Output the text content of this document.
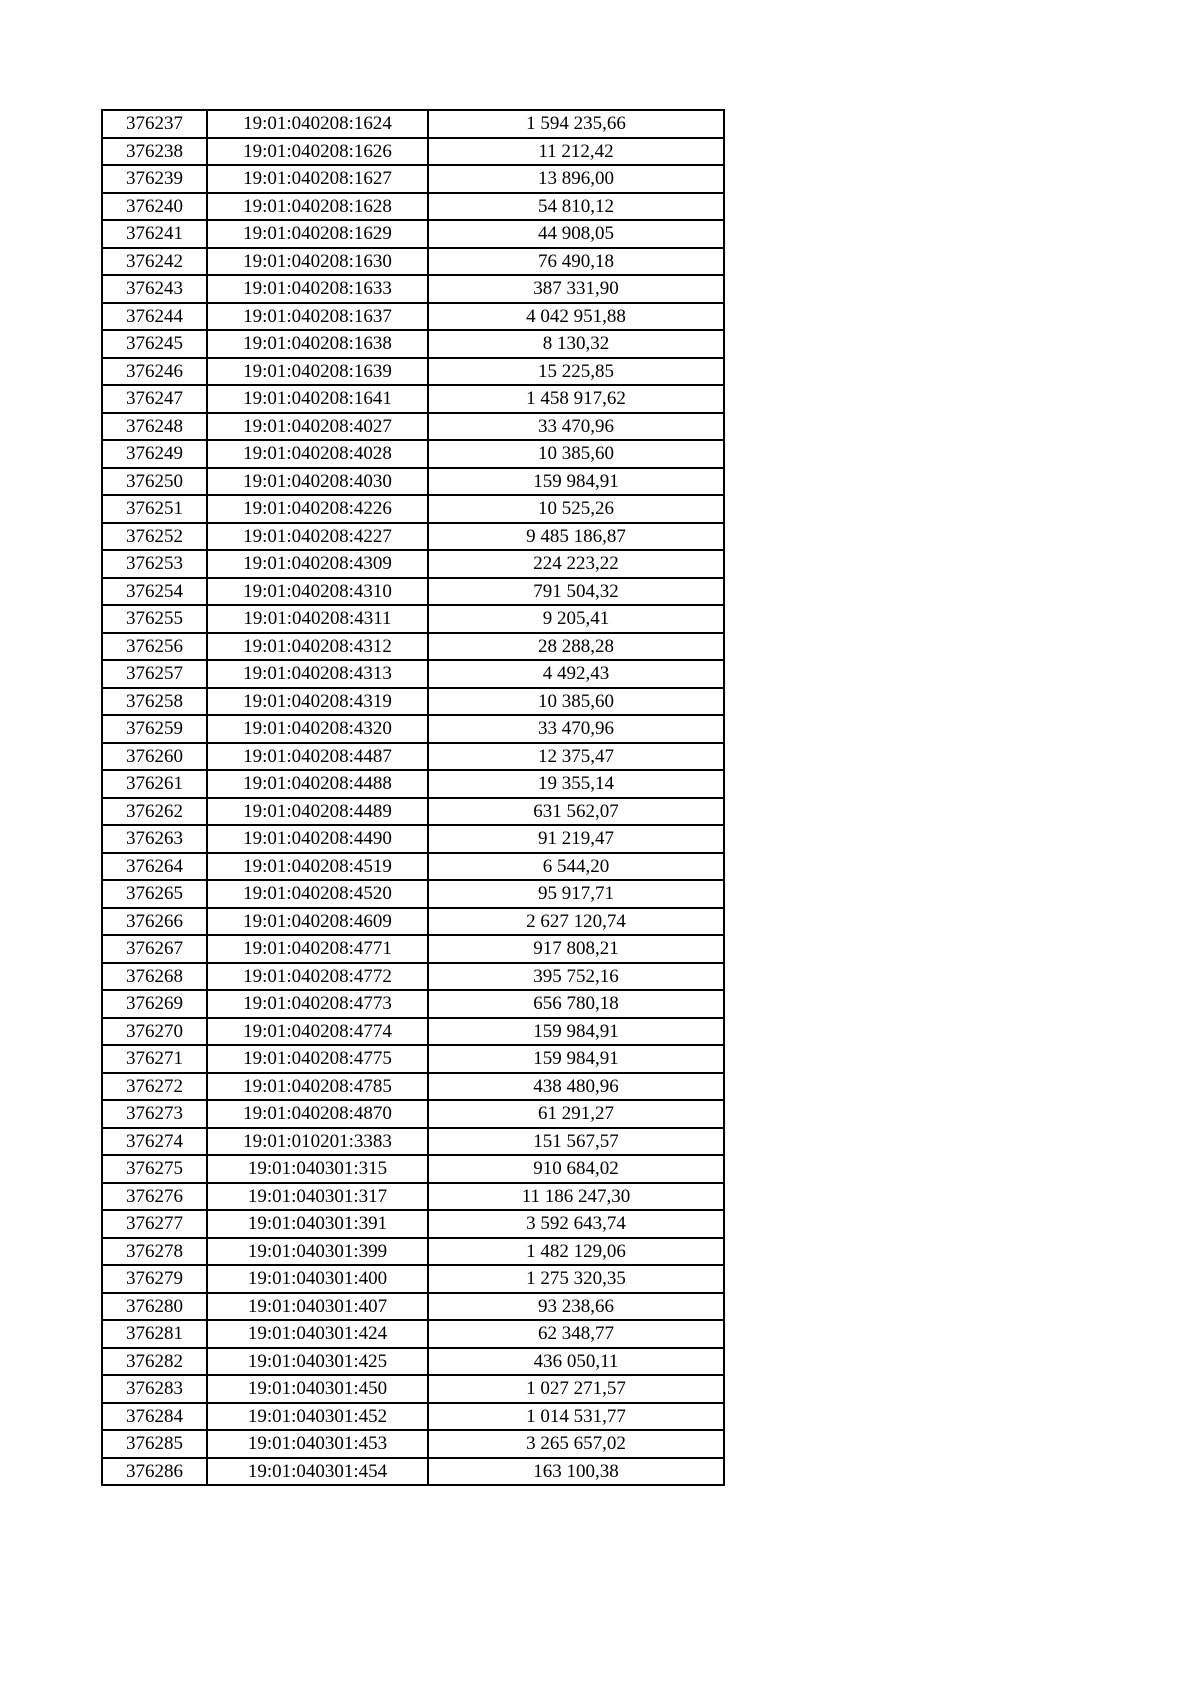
376237	19:01:040208:1624	1 594 235,66
376238	19:01:040208:1626	11 212,42
376239	19:01:040208:1627	13 896,00
376240	19:01:040208:1628	54 810,12
376241	19:01:040208:1629	44 908,05
376242	19:01:040208:1630	76 490,18
376243	19:01:040208:1633	387 331,90
376244	19:01:040208:1637	4 042 951,88
376245	19:01:040208:1638	8 130,32
376246	19:01:040208:1639	15 225,85
376247	19:01:040208:1641	1 458 917,62
376248	19:01:040208:4027	33 470,96
376249	19:01:040208:4028	10 385,60
376250	19:01:040208:4030	159 984,91
376251	19:01:040208:4226	10 525,26
376252	19:01:040208:4227	9 485 186,87
376253	19:01:040208:4309	224 223,22
376254	19:01:040208:4310	791 504,32
376255	19:01:040208:4311	9 205,41
376256	19:01:040208:4312	28 288,28
376257	19:01:040208:4313	4 492,43
376258	19:01:040208:4319	10 385,60
376259	19:01:040208:4320	33 470,96
376260	19:01:040208:4487	12 375,47
376261	19:01:040208:4488	19 355,14
376262	19:01:040208:4489	631 562,07
376263	19:01:040208:4490	91 219,47
376264	19:01:040208:4519	6 544,20
376265	19:01:040208:4520	95 917,71
376266	19:01:040208:4609	2 627 120,74
376267	19:01:040208:4771	917 808,21
376268	19:01:040208:4772	395 752,16
376269	19:01:040208:4773	656 780,18
376270	19:01:040208:4774	159 984,91
376271	19:01:040208:4775	159 984,91
376272	19:01:040208:4785	438 480,96
376273	19:01:040208:4870	61 291,27
376274	19:01:010201:3383	151 567,57
376275	19:01:040301:315	910 684,02
376276	19:01:040301:317	11 186 247,30
376277	19:01:040301:391	3 592 643,74
376278	19:01:040301:399	1 482 129,06
376279	19:01:040301:400	1 275 320,35
376280	19:01:040301:407	93 238,66
376281	19:01:040301:424	62 348,77
376282	19:01:040301:425	436 050,11
376283	19:01:040301:450	1 027 271,57
376284	19:01:040301:452	1 014 531,77
376285	19:01:040301:453	3 265 657,02
376286	19:01:040301:454	163 100,38
